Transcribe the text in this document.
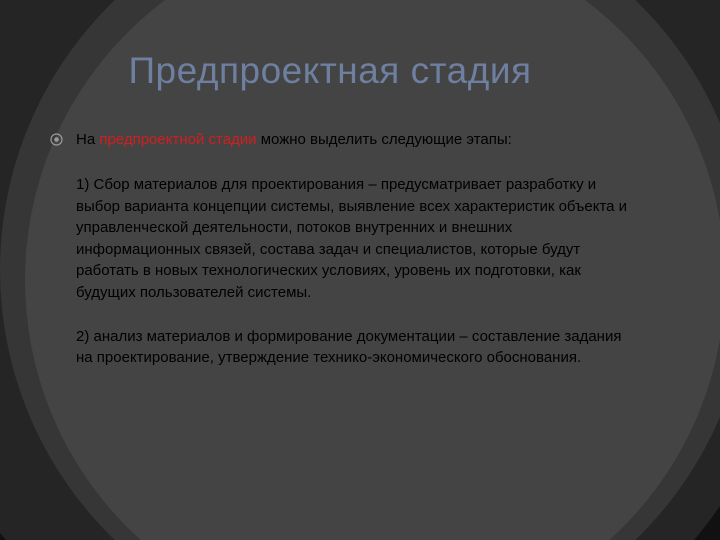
Предпроектная стадия
На предпроектной стадии можно выделить следующие этапы:

1) Сбор материалов для проектирования – предусматривает разработку и выбор варианта концепции системы, выявление всех характеристик объекта и управленческой деятельности, потоков внутренних и внешних информационных связей, состава задач и специалистов, которые будут работать в новых технологических условиях, уровень их подготовки, как будущих пользователей системы.

2) анализ материалов и формирование документации – составление задания на проектирование, утверждение технико-экономического обоснования.
